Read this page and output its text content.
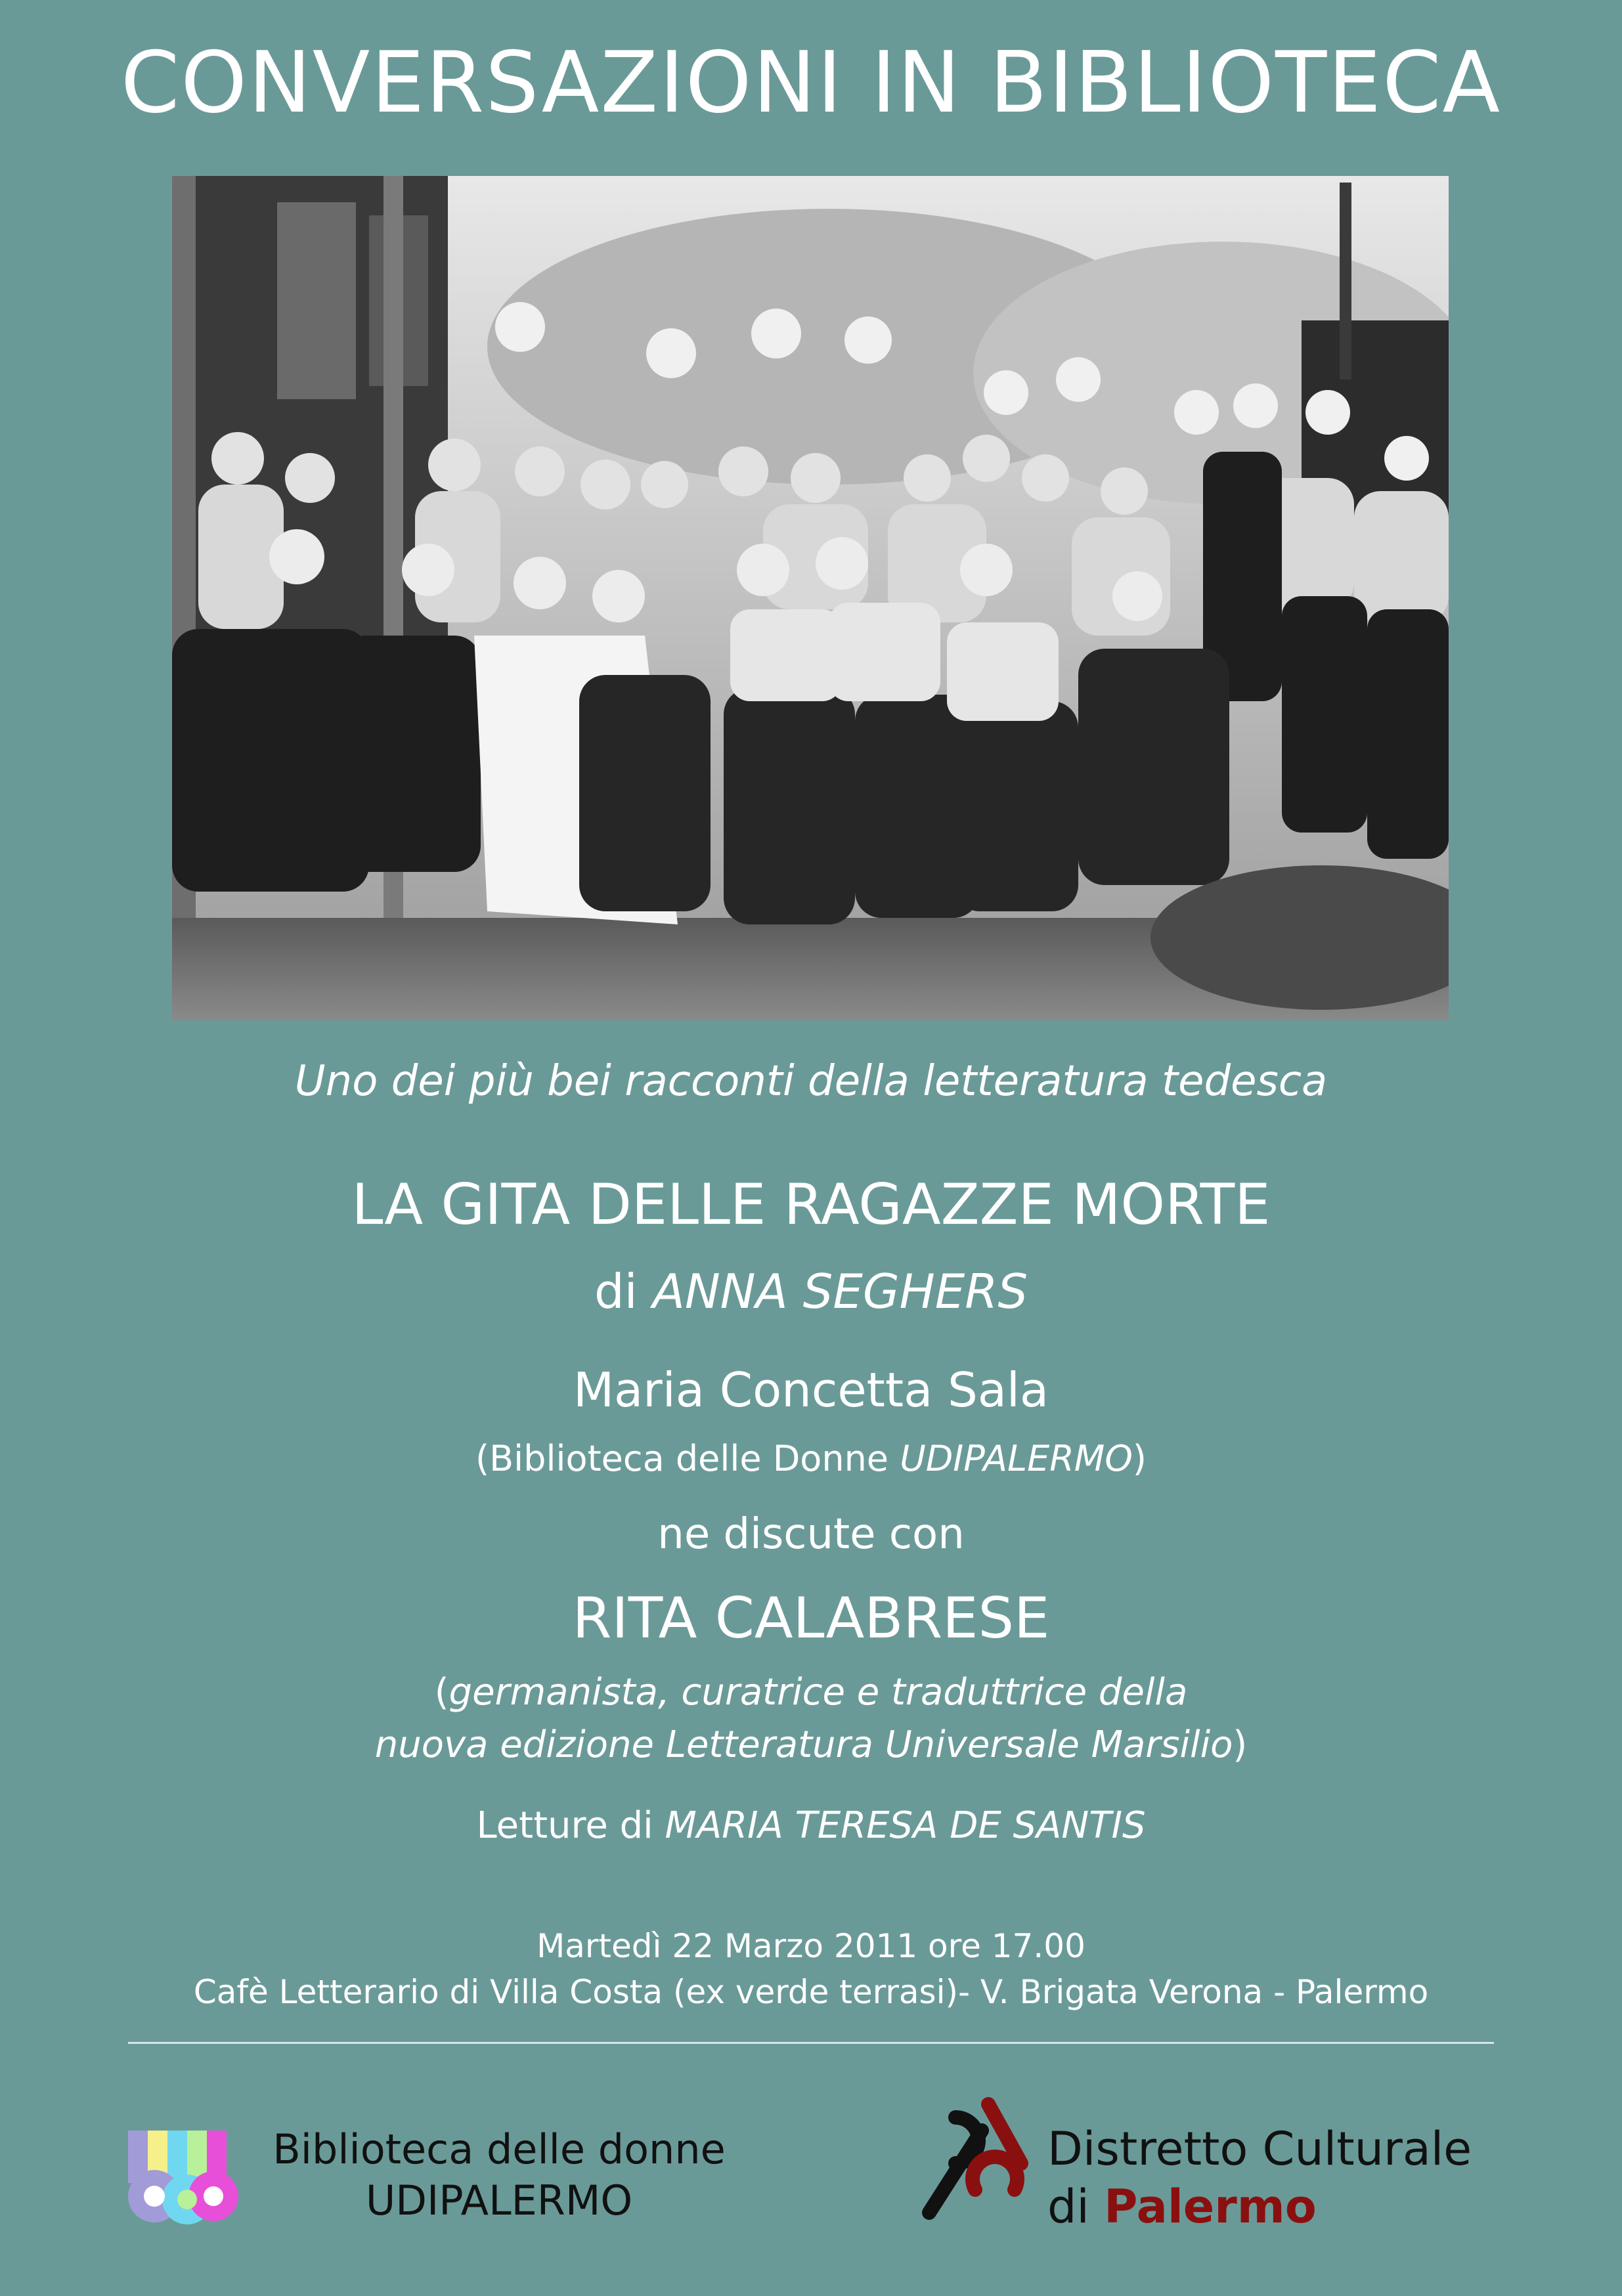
CONVERSAZIONI IN BIBLIOTECA
Uno dei più bei racconti della letteratura tedesca
LA GITA DELLE RAGAZZE MORTE
di ANNA SEGHERS
Maria Concetta Sala
(Biblioteca delle Donne UDIPALERMO)
ne discute con
RITA CALABRESE
(germanista, curatrice e traduttrice della
nuova edizione Letteratura Universale Marsilio)
Letture di MARIA TERESA DE SANTIS
Martedì 22 Marzo 2011 ore 17.00
Cafè Letterario di Villa Costa (ex verde terrasi)- V. Brigata Verona - Palermo
Biblioteca delle donne
UDIPALERMO
Distretto Culturale
di Palermo
